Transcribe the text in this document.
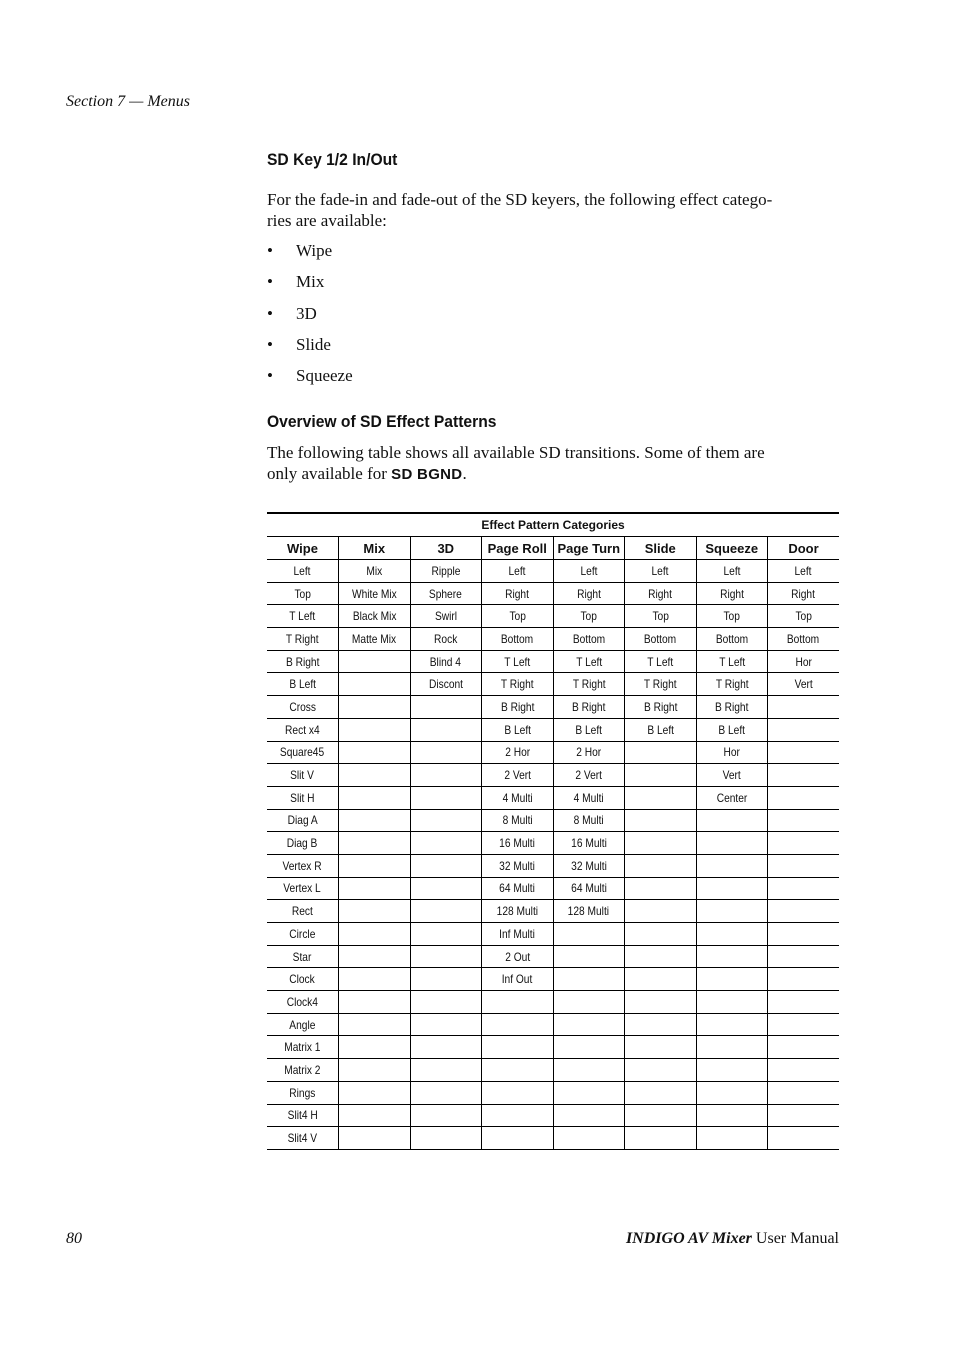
Section 7 — Menus
SD Key 1/2 In/Out
For the fade-in and fade-out of the SD keyers, the following effect catego-
ries are available:
• Wipe
• Mix
• 3D
• Slide
• Squeeze
Overview of SD Effect Patterns
The following table shows all available SD transitions. Some of them are
only available for SD BGND.
Effect Pattern Categories							
Wipe	Mix	3D	Page Roll	Page Turn	Slide	Squeeze	Door
Left	Mix	Ripple	Left	Left	Left	Left	Left
Top	White Mix	Sphere	Right	Right	Right	Right	Right
T Left	Black Mix	Swirl	Top	Top	Top	Top	Top
T Right	Matte Mix	Rock	Bottom	Bottom	Bottom	Bottom	Bottom
B Right		Blind 4	T Left	T Left	T Left	T Left	Hor
B Left		Discont	T Right	T Right	T Right	T Right	Vert
Cross			B Right	B Right	B Right	B Right	
Rect x4			B Left	B Left	B Left	B Left	
Square45			2 Hor	2 Hor		Hor	
Slit V			2 Vert	2 Vert		Vert	
Slit H			4 Multi	4 Multi		Center	
Diag A			8 Multi	8 Multi			
Diag B			16 Multi	16 Multi			
Vertex R			32 Multi	32 Multi			
Vertex L			64 Multi	64 Multi			
Rect			128 Multi	128 Multi			
Circle			Inf Multi				
Star			2 Out				
Clock			Inf Out				
Clock4							
Angle							
Matrix 1							
Matrix 2							
Rings							
Slit4 H							
Slit4 V							
80	INDIGO AV Mixer User Manual
